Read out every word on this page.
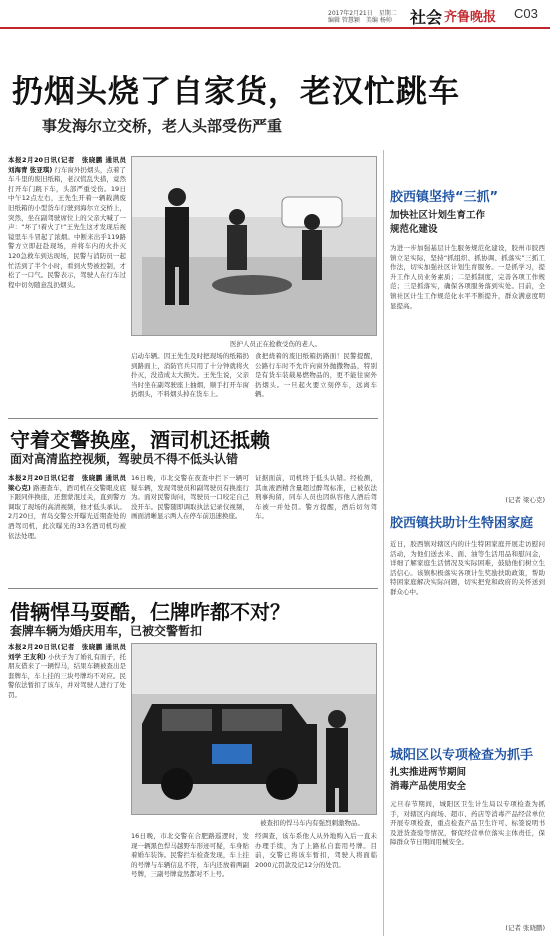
2017年2月21日　星期二
编辑 管慧颖　美编 杨帅	社会 齐鲁晚报 C03
扔烟头烧了自家货，老汉忙跳车
事发海尔立交桥，老人头部受伤严重
本报2月20日讯(记者　张晓鹏 通讯员 刘海青 张亚琪) 行车窗外扔烟头，点着了车斗里的废旧纸箱，老汉慌乱失措，竟然打开车门跳下车，头部严重受伤。19日中午12点左右，王先生开着一辆载满废旧纸箱的小型货车行驶到海尔立交桥上，突然，坐在副驾驶席位上的父亲大喊了一声：“坏了!着火了!”王先生这才发现后视镜里车斗冒起了浓烟。中断来出乎119路警方立即赶赴现场，并将车内的火扑灭120急救车到达现场，民警与消防员一起忙活到了半个小时，看到火势被控制，才松了一口气。民警表示，驾驶人在行车过程中切勿随意乱扔烟头。
医护人员正在抢救受伤的老人。
启动车辆。因王先生及时把现场的纸箱扔到路面上，消防官兵只用了十分钟就将火扑灭，没造成太大损失。王先生说，父亲当时坐在副驾驶座上抽烟，顺手打开车窗扔烟头，不料烟头掉在货车上。
食把烧着的废旧纸箱扔路面！民警提醒，公路行车时不允许向窗外抛撒物品，特别是有货车装载易燃物品的，更不能往窗外扔烟头。一旦起火要立刻停车，远离车辆。
守着交警换座，酒司机还抵赖
面对高清监控视频，驾驶员不得不低头认错
本报2月20日讯(记者　张晓鹏 通讯员 梁心克) 路遇查车，酒司机在交警眼皮底下跟同伴换座，还想蒙混过关，直到警方调取了现场的高清视频，他才低头承认。2月20日，青岛交警公开曝光近期查处的酒驾司机，此次曝光的33名酒司机均被依法处理。
16日晚，市北交警在夜查中拦下一辆可疑车辆，发现驾驶员和副驾驶员有换座行为。面对民警询问，驾驶员一口咬定自己没开车。民警随即调取执法记录仪视频，画面清晰显示两人在停车前迅速换座。
证据面前，司机终于低头认错。经检测，其血液酒精含量超过醉驾标准，已被依法刑事拘留，同车人员也因纵容他人酒后驾车被一并处罚。警方提醒，酒后切勿驾车。
借辆悍马耍酷，仨牌咋都不对？
套牌车辆为婚庆用车，已被交警暂扣
本报2月20日讯(记者　张晓鹏 通讯员 刘学 王友利) 小伙子为了婚礼有面子，托朋友借来了一辆悍马，结果车辆被查出是套牌车，车上挂的三块号牌均不对应。民警依法暂扣了该车，并对驾驶人进行了处罚。
被查扣的悍马车内有强烈刺激物品。
16日晚，市北交警在合肥路巡逻时，发现一辆黑色悍马越野车形迹可疑，车身贴着婚车装饰。民警拦车检查发现，车上挂的号牌与车辆信息不符，车内还放着两副号牌，三副号牌竟然都对不上号。
经调查，该车系他人从外地购入后一直未办理手续，为了上路私自套用号牌。目前，交警已将该车暂扣，驾驶人将面临2000元罚款及记12分的处罚。
胶西镇坚持“三抓”
加快社区计划生育工作
规范化建设
为进一步加强基层计生服务规范化建设，胶州市胶西镇立足实际，坚持“抓组织、抓协调、抓落实”三抓工作法，切实加强社区计划生育服务。一是抓学习，提升工作人员业务素质；二是抓制度，完善各项工作规范；三是抓落实，确保各项服务落到实处。目前，全镇社区计生工作规范化水平不断提升，群众满意度明显提高。
(记者 梁心克)
胶西镇扶助计生特困家庭
近日，胶西镇对辖区内的计生特困家庭开展走访慰问活动，为他们送去米、面、油等生活用品和慰问金，详细了解家庭生活情况及实际困难，鼓励他们树立生活信心。该镇积极落实各项计生奖励扶助政策，帮助特困家庭解决实际问题，切实把党和政府的关怀送到群众心中。
城阳区以专项检查为抓手
扎实推进两节期间
消毒产品使用安全
元旦春节期间，城阳区卫生计生局以专项检查为抓手，对辖区内商场、超市、药店等消毒产品经营单位开展专项检查，重点检查产品卫生许可、标签说明书及进货查验等情况，督促经营单位落实主体责任，保障群众节日期间用械安全。
(记者 张晓鹏)
